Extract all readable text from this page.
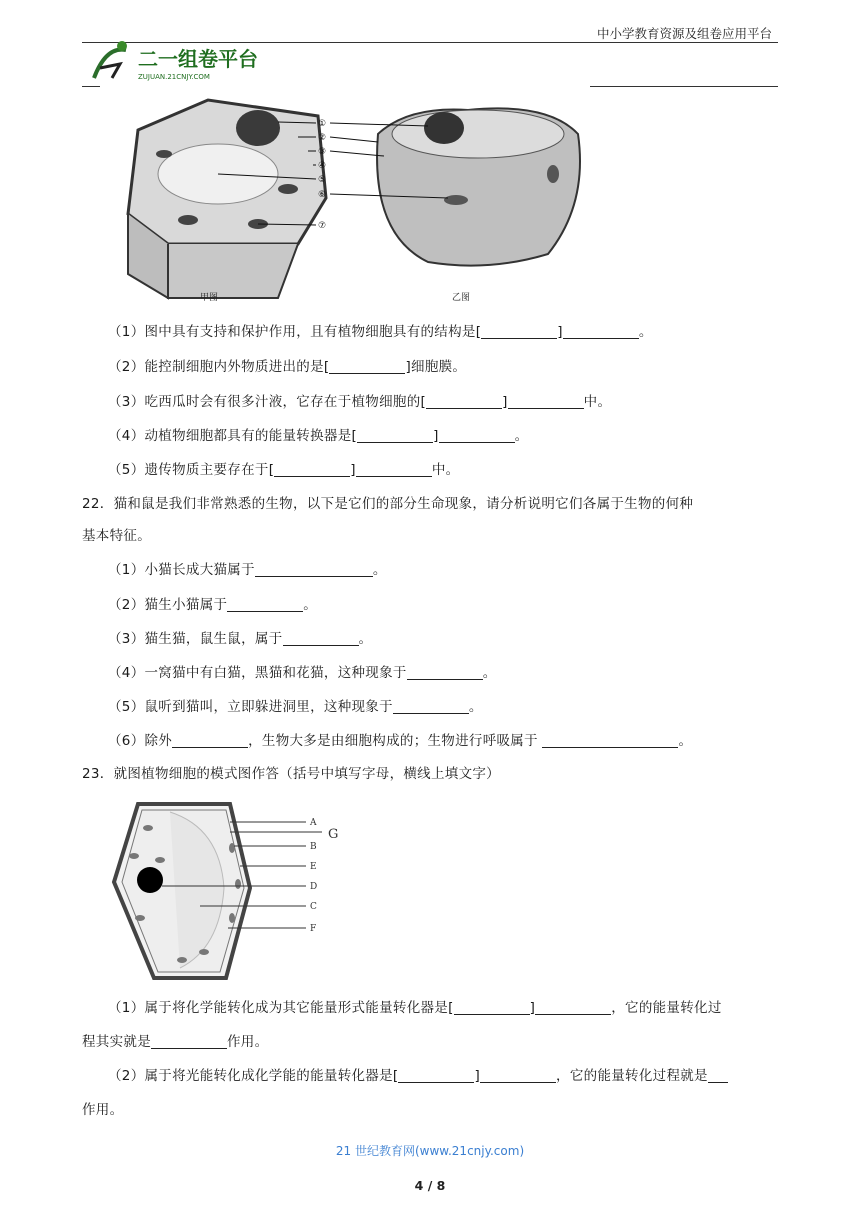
中小学教育资源及组卷应用平台
二一组卷平台
ZUJUAN.21CNJY.COM
①
②
③
④
⑤
⑥
⑦
甲图	乙图
（1）图中具有支持和保护作用，且有植物细胞具有的结构是[	]	。
（2）能控制细胞内外物质进出的是[	]细胞膜。
（3）吃西瓜时会有很多汁液，它存在于植物细胞的[	]	中。
（4）动植物细胞都具有的能量转换器是[	]	。
（5）遗传物质主要存在于[	]	中。
22．猫和鼠是我们非常熟悉的生物，以下是它们的部分生命现象，请分析说明它们各属于生物的何种
基本特征。
（1）小猫长成大猫属于	。
（2）猫生小猫属于	。
（3）猫生猫，鼠生鼠，属于	。
（4）一窝猫中有白猫，黑猫和花猫，这种现象于	。
（5）鼠听到猫叫，立即躲进洞里，这种现象于	。
（6）除外	，生物大多是由细胞构成的；生物进行呼吸属于	。
23．就图植物细胞的模式图作答（括号中填写字母，横线上填文字）
A
G
B
E
D
C
F
（1）属于将化学能转化成为其它能量形式能量转化器是[	]	，它的能量转化过
程其实就是	作用。
（2）属于将光能转化成化学能的能量转化器是[	]	，它的能量转化过程就是
作用。
21 世纪教育网(www.21cnjy.com)
4 / 8
